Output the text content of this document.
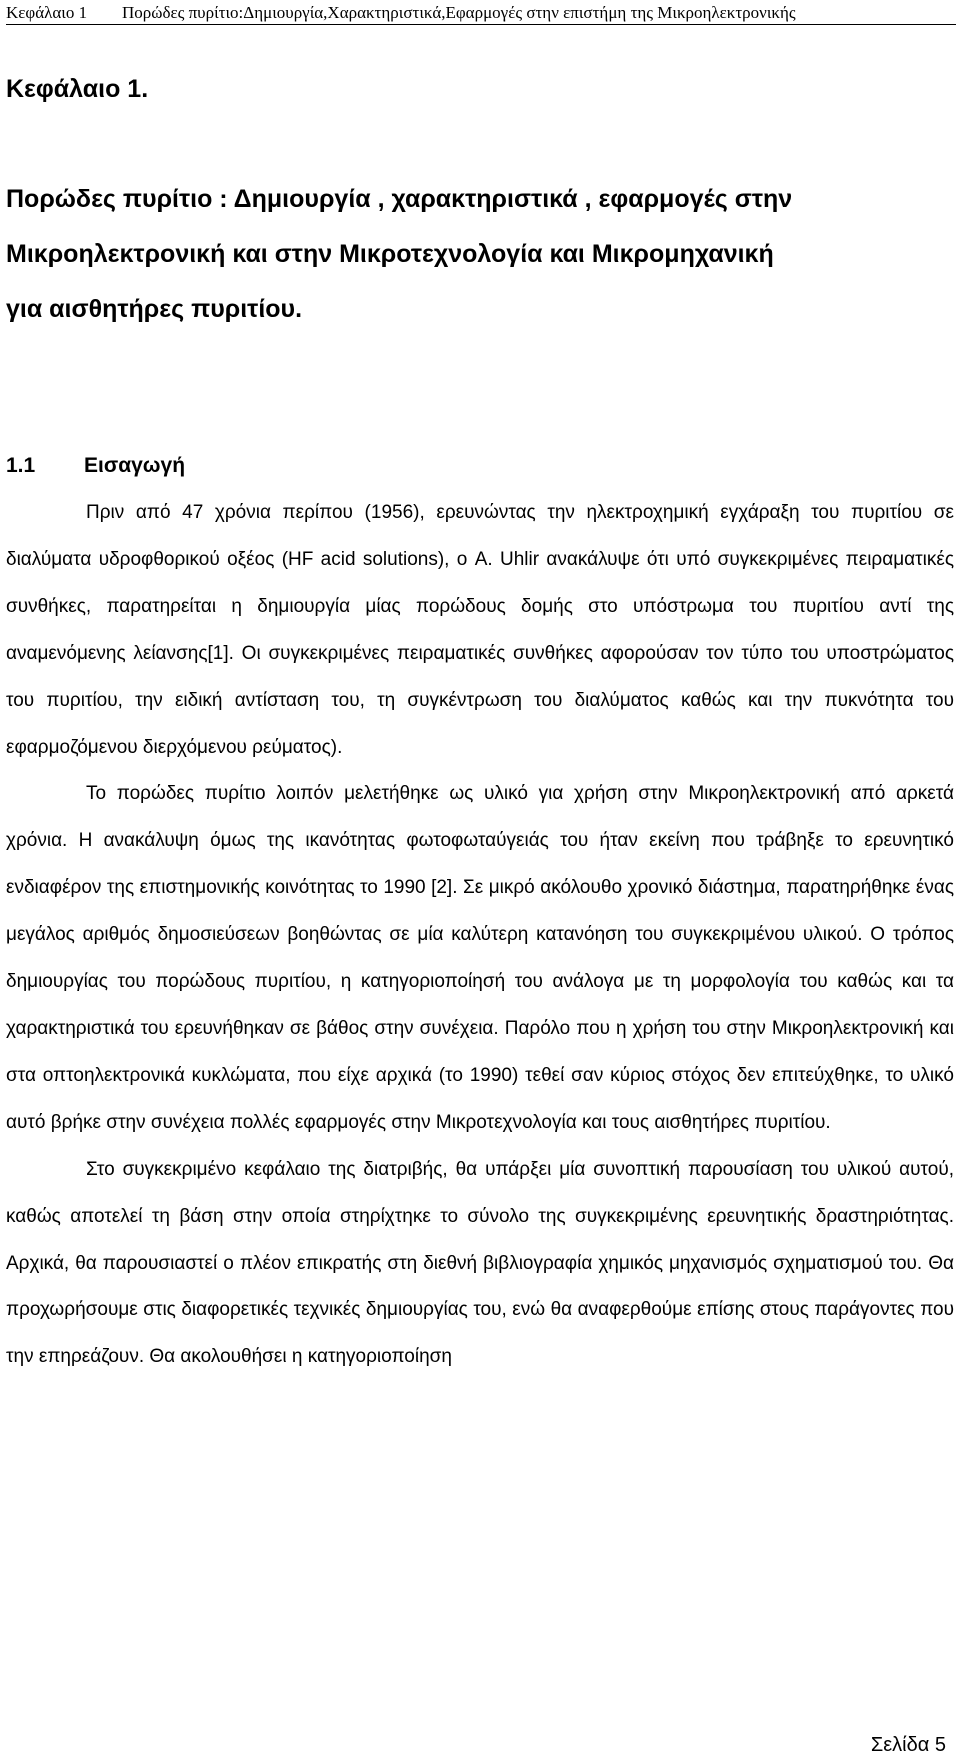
Κεφάλαιο 1 Πορώδες πυρίτιο:Δημιουργία,Χαρακτηριστικά,Εφαρμογές στην επιστήμη της Μικροηλεκτρονικής
Κεφάλαιο 1.
Πορώδες πυρίτιο : Δημιουργία , χαρακτηριστικά , εφαρμογές στην
Μικροηλεκτρονική και στην Μικροτεχνολογία και Μικρομηχανική
για αισθητήρες πυριτίου.
1.1 Εισαγωγή

Πριν από 47 χρόνια περίπου (1956), ερευνώντας την ηλεκτροχημική εγχάραξη του πυριτίου σε διαλύματα υδροφθορικού οξέος (HF acid solutions), ο A. Uhlir ανακάλυψε ότι υπό συγκεκριμένες πειραματικές συνθήκες, παρατηρείται η δημιουργία μίας πορώδους δομής στο υπόστρωμα του πυριτίου αντί της αναμενόμενης λείανσης[1]. Οι συγκεκριμένες πειραματικές συνθήκες αφορούσαν τον τύπο του υποστρώματος του πυριτίου, την ειδική αντίσταση του, τη συγκέντρωση του διαλύματος καθώς και την πυκνότητα του εφαρμοζόμενου διερχόμενου ρεύματος).

Το πορώδες πυρίτιο λοιπόν μελετήθηκε ως υλικό για χρήση στην Μικροηλεκτρονική από αρκετά χρόνια. Η ανακάλυψη όμως της ικανότητας φωτοφωταύγειάς του ήταν εκείνη που τράβηξε το ερευνητικό ενδιαφέρον της επιστημονικής κοινότητας το 1990 [2]. Σε μικρό ακόλουθο χρονικό διάστημα, παρατηρήθηκε ένας μεγάλος αριθμός δημοσιεύσεων βοηθώντας σε μία καλύτερη κατανόηση του συγκεκριμένου υλικού. Ο τρόπος δημιουργίας του πορώδους πυριτίου, η κατηγοριοποίησή του ανάλογα με τη μορφολογία του καθώς και τα χαρακτηριστικά του ερευνήθηκαν σε βάθος στην συνέχεια. Παρόλο που η χρήση του στην Μικροηλεκτρονική και στα οπτοηλεκτρονικά κυκλώματα, που είχε αρχικά (το 1990) τεθεί σαν κύριος στόχος δεν επιτεύχθηκε, το υλικό αυτό βρήκε στην συνέχεια πολλές εφαρμογές στην Μικροτεχνολογία και τους αισθητήρες πυριτίου.

Στο συγκεκριμένο κεφάλαιο της διατριβής, θα υπάρξει μία συνοπτική παρουσίαση του υλικού αυτού, καθώς αποτελεί τη βάση στην οποία στηρίχτηκε το σύνολο της συγκεκριμένης ερευνητικής δραστηριότητας. Αρχικά, θα παρουσιαστεί ο πλέον επικρατής στη διεθνή βιβλιογραφία χημικός μηχανισμός σχηματισμού του. Θα προχωρήσουμε στις διαφορετικές τεχνικές δημιουργίας του, ενώ θα αναφερθούμε επίσης στους παράγοντες που την επηρεάζουν. Θα ακολουθήσει η κατηγοριοποίηση

Σελίδα 5
